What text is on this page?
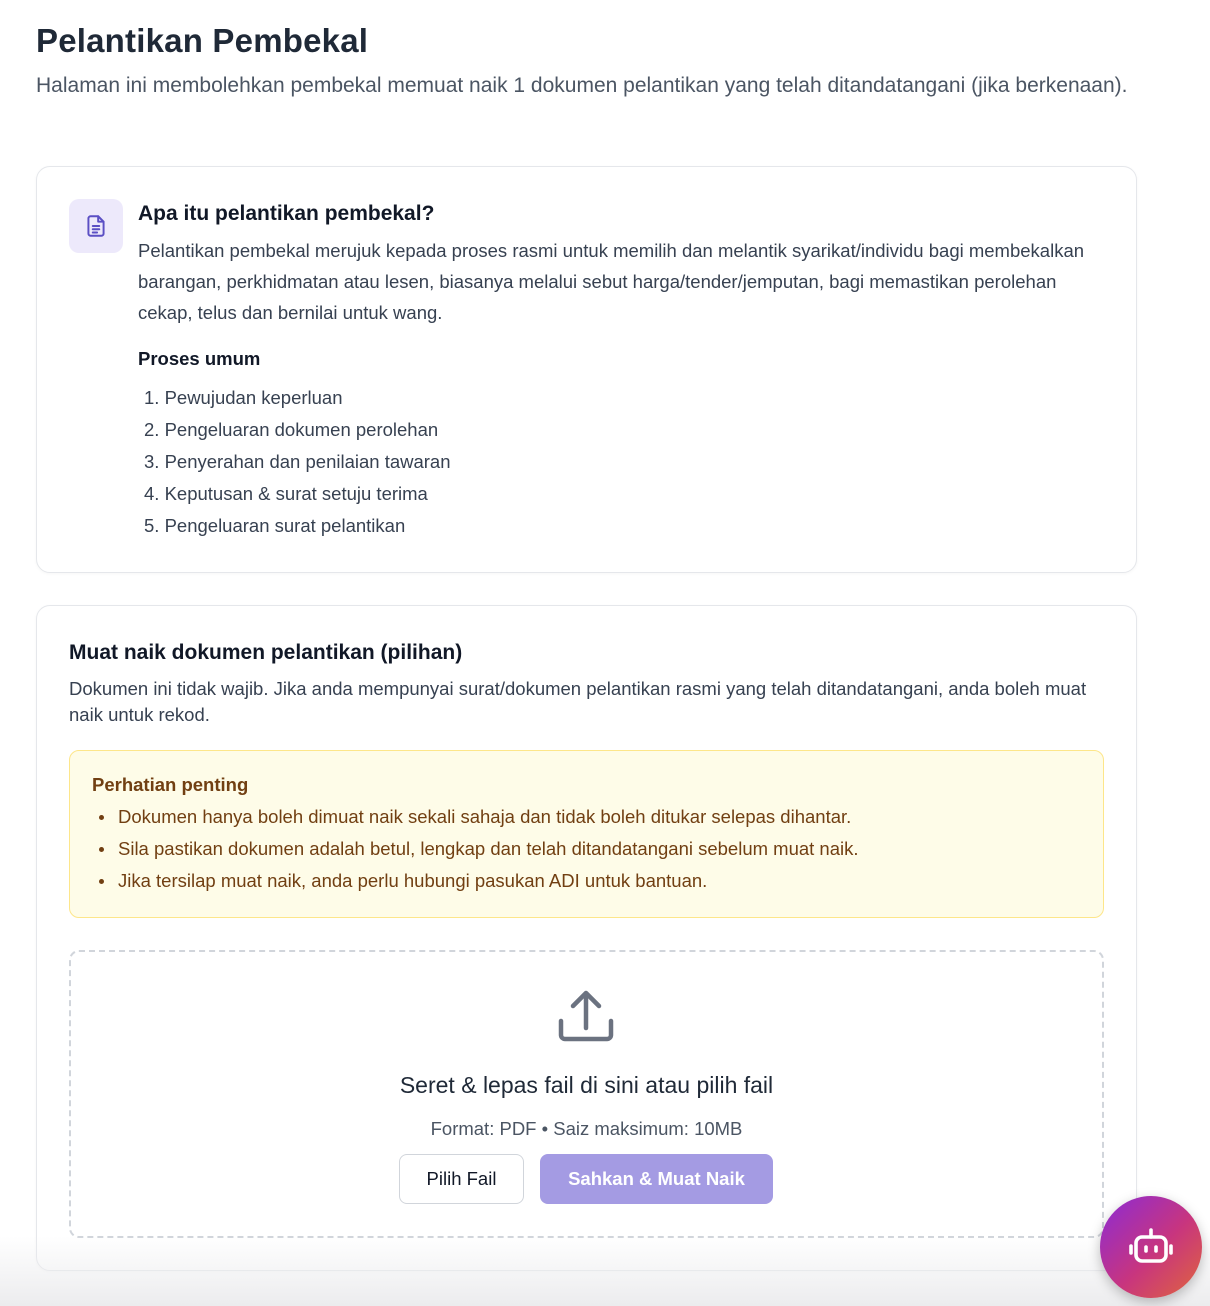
Pelantikan Pembekal

Halaman ini membolehkan pembekal memuat naik 1 dokumen pelantikan yang telah ditandatangani (jika berkenaan).

Apa itu pelantikan pembekal?

Pelantikan pembekal merujuk kepada proses rasmi untuk memilih dan melantik syarikat/individu bagi membekalkan barangan, perkhidmatan atau lesen, biasanya melalui sebut harga/tender/jemputan, bagi memastikan perolehan cekap, telus dan bernilai untuk wang.

Proses umum
1. Pewujudan keperluan
2. Pengeluaran dokumen perolehan
3. Penyerahan dan penilaian tawaran
4. Keputusan & surat setuju terima
5. Pengeluaran surat pelantikan
Muat naik dokumen pelantikan (pilihan)

Dokumen ini tidak wajib. Jika anda mempunyai surat/dokumen pelantikan rasmi yang telah ditandatangani, anda boleh muat naik untuk rekod.

Perhatian penting
Dokumen hanya boleh dimuat naik sekali sahaja dan tidak boleh ditukar selepas dihantar.
Sila pastikan dokumen adalah betul, lengkap dan telah ditandatangani sebelum muat naik.
Jika tersilap muat naik, anda perlu hubungi pasukan ADI untuk bantuan.
Seret & lepas fail di sini atau pilih fail
Format: PDF • Saiz maksimum: 10MB
Pilih Fail	Sahkan & Muat Naik
